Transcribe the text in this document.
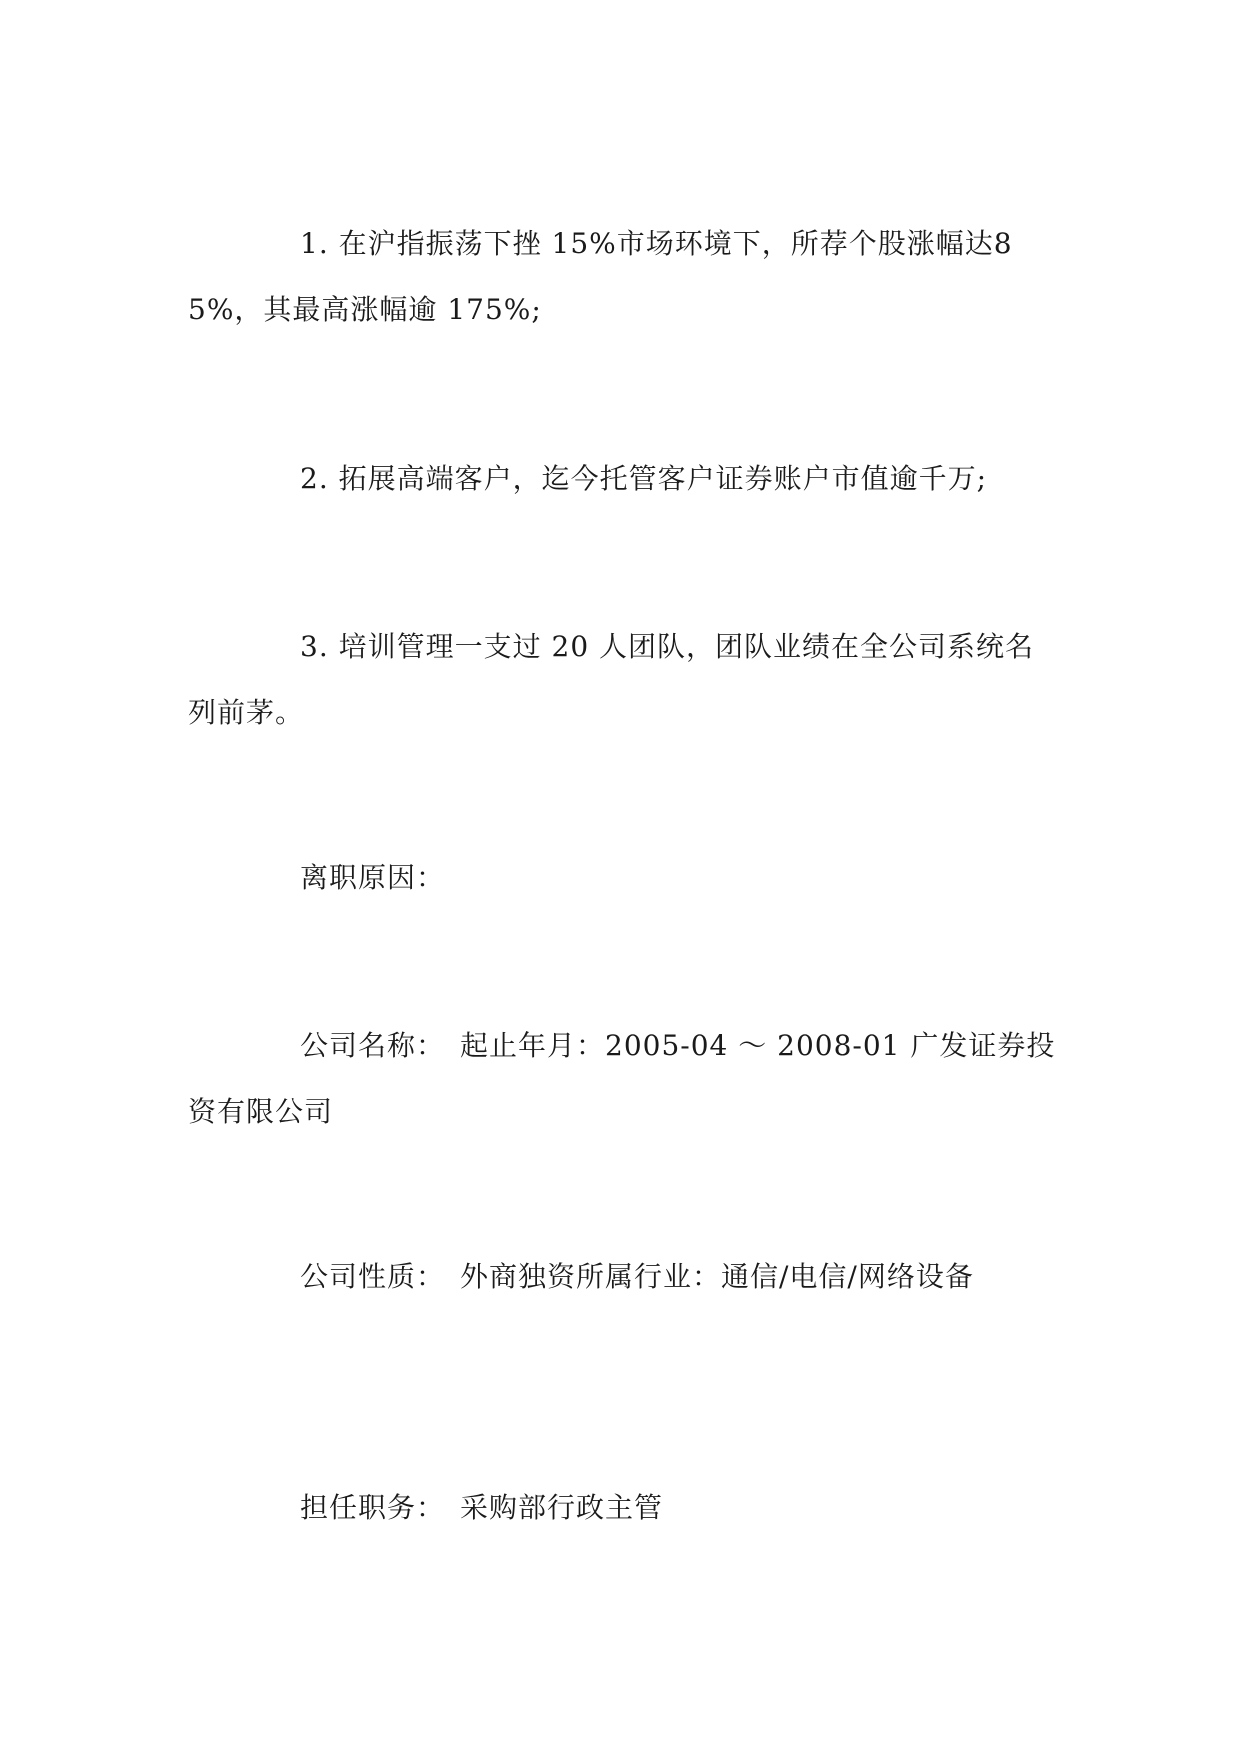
1. 在沪指振荡下挫 15%市场环境下，所荐个股涨幅达85%，其最高涨幅逾 175%;

2. 拓展高端客户，迄今托管客户证券账户市值逾千万;

3. 培训管理一支过 20 人团队，团队业绩在全公司系统名列前茅。

离职原因：

公司名称：　起止年月：2005-04 ～ 2008-01 广发证券投资有限公司

公司性质：　外商独资所属行业：通信/电信/网络设备

担任职务：　采购部行政主管
